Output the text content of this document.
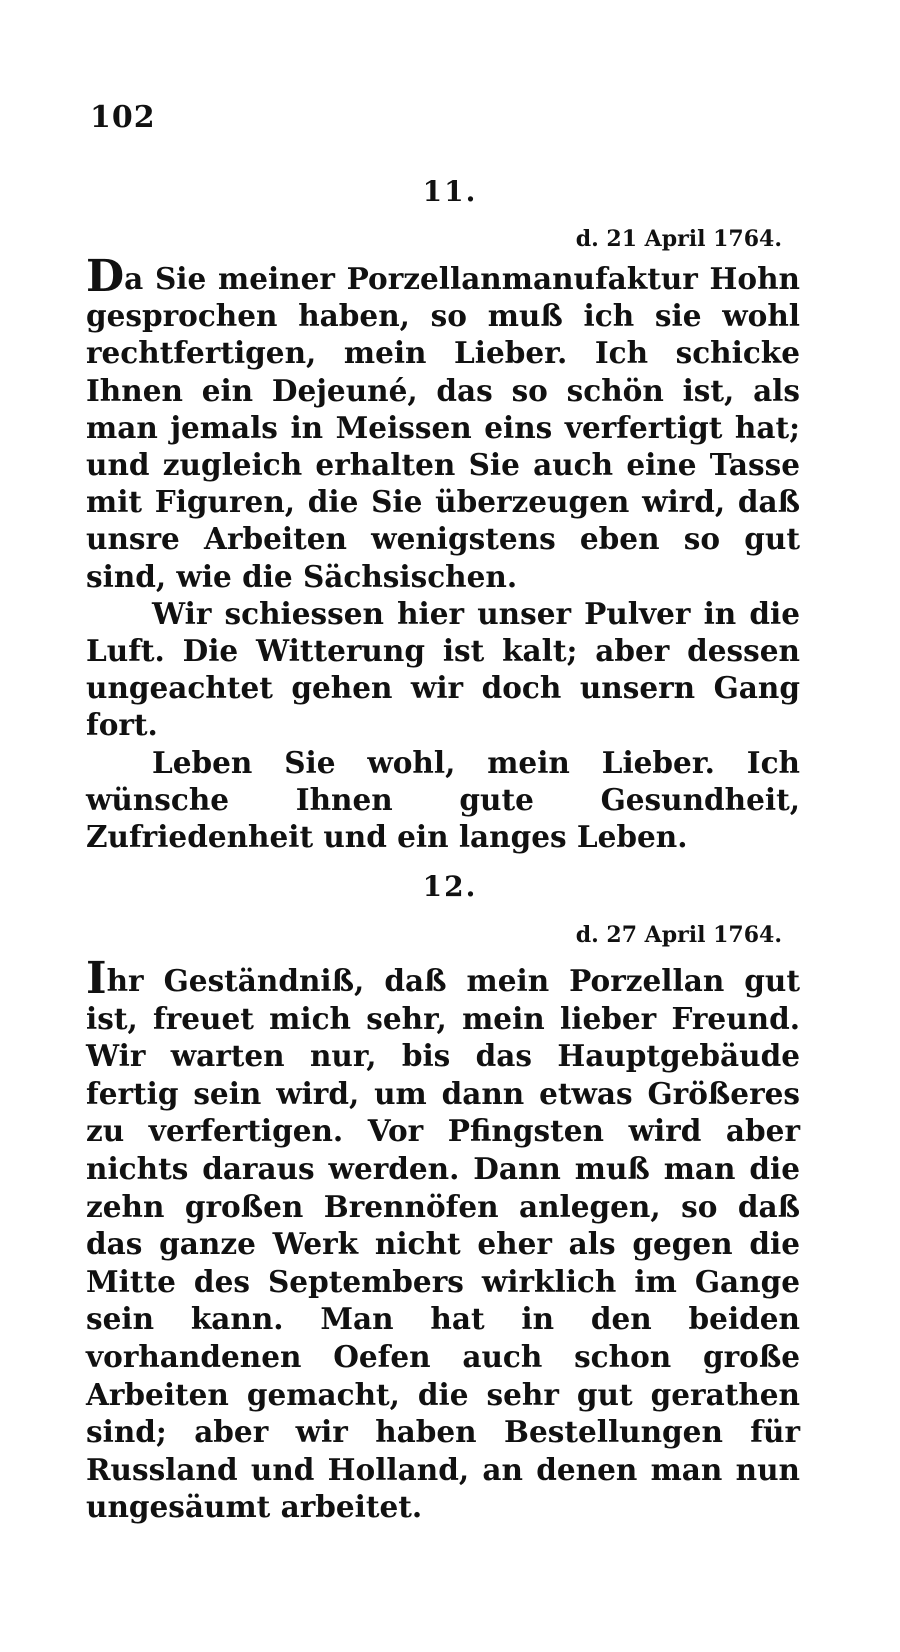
102
11.
d. 21 April 1764.

Da Sie meiner Porzellanmanufaktur Hohn gesprochen haben, so muß ich sie wohl rechtfertigen, mein Lieber. Ich schicke Ihnen ein Dejeuné, das so schön ist, als man jemals in Meissen eins verfertigt hat; und zugleich erhalten Sie auch eine Tasse mit Figuren, die Sie überzeugen wird, daß unsre Arbeiten wenigstens eben so gut sind, wie die Sächsischen.

Wir schiessen hier unser Pulver in die Luft. Die Witterung ist kalt; aber dessen ungeachtet gehen wir doch unsern Gang fort.

Leben Sie wohl, mein Lieber. Ich wünsche Ihnen gute Gesundheit, Zufriedenheit und ein langes Leben.

12.
d. 27 April 1764.

Ihr Geständniß, daß mein Porzellan gut ist, freuet mich sehr, mein lieber Freund. Wir warten nur, bis das Hauptgebäude fertig sein wird, um dann etwas Größeres zu verfertigen. Vor Pfingsten wird aber nichts daraus werden. Dann muß man die zehn großen Brennöfen anlegen, so daß das ganze Werk nicht eher als gegen die Mitte des Septembers wirklich im Gange sein kann. Man hat in den beiden vorhandenen Oefen auch schon große Arbeiten gemacht, die sehr gut gerathen sind; aber wir haben Bestellungen für Russland und Holland, an denen man nun ungesäumt arbeitet.
